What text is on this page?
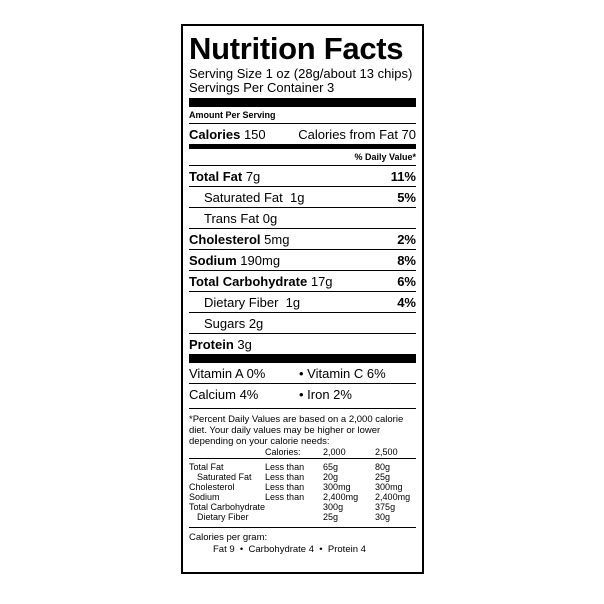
Nutrition Facts
Serving Size 1 oz (28g/about 13 chips)
Servings Per Container 3
Amount Per Serving
Calories 150	Calories from Fat 70
% Daily Value*
Total Fat 7g	11%
Saturated Fat 1g	5%
Trans Fat 0g
Cholesterol 5mg	2%
Sodium 190mg	8%
Total Carbohydrate 17g	6%
Dietary Fiber 1g	4%
Sugars 2g
Protein 3g
Vitamin A 0%	• Vitamin C 6%
Calcium 4%	• Iron 2%
*Percent Daily Values are based on a 2,000 calorie diet. Your daily values may be higher or lower depending on your calorie needs:
	Calories:	2,000	2,500

Total Fat	Less than	65g	80g
Saturated Fat	Less than	20g	25g
Cholesterol	Less than	300mg	300mg
Sodium	Less than	2,400mg	2,400mg
Total Carbohydrate		300g	375g
Dietary Fiber		25g	30g
Calories per gram:
Fat 9  •  Carbohydrate 4  •  Protein 4
